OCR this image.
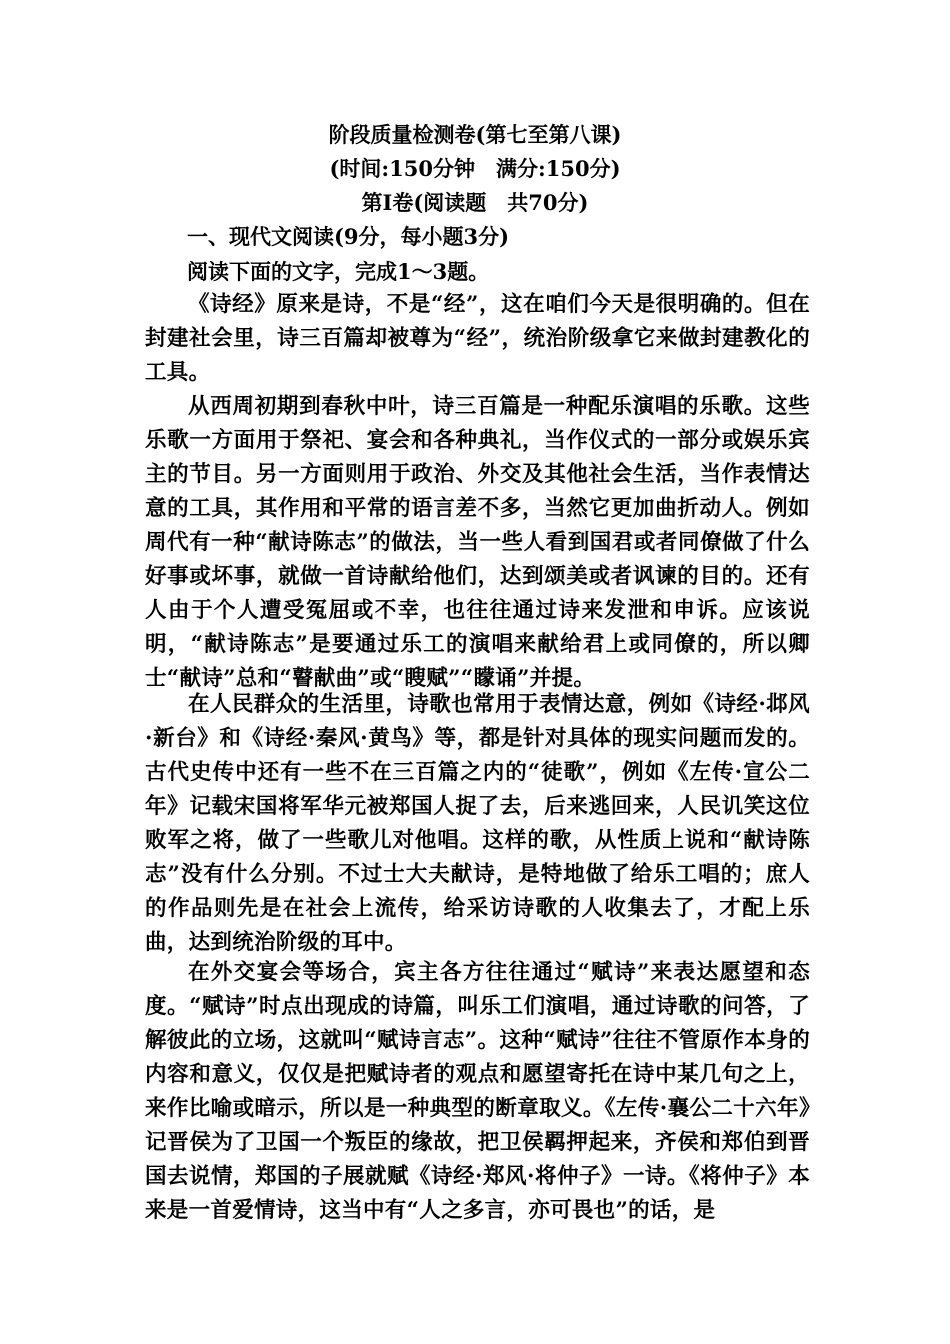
阶段质量检测卷(第七至第八课)
(时间:150分钟　满分:150分)
第Ⅰ卷(阅读题　共70分)
一、现代文阅读(9分，每小题3分)
阅读下面的文字，完成1～3题。

《诗经》原来是诗，不是“经”，这在咱们今天是很明确的。但在封建社会里，诗三百篇却被尊为“经”，统治阶级拿它来做封建教化的工具。

从西周初期到春秋中叶，诗三百篇是一种配乐演唱的乐歌。这些乐歌一方面用于祭祀、宴会和各种典礼，当作仪式的一部分或娱乐宾主的节目。另一方面则用于政治、外交及其他社会生活，当作表情达意的工具，其作用和平常的语言差不多，当然它更加曲折动人。例如周代有一种“献诗陈志”的做法，当一些人看到国君或者同僚做了什么好事或坏事，就做一首诗献给他们，达到颂美或者讽谏的目的。还有人由于个人遭受冤屈或不幸，也往往通过诗来发泄和申诉。应该说明，“献诗陈志”是要通过乐工的演唱来献给君上或同僚的，所以卿士“献诗”总和“瞽献曲”或“瞍赋”“矇诵”并提。

在人民群众的生活里，诗歌也常用于表情达意，例如《诗经·邶风·新台》和《诗经·秦风·黄鸟》等，都是针对具体的现实问题而发的。古代史传中还有一些不在三百篇之内的“徒歌”，例如《左传·宣公二年》记载宋国将军华元被郑国人捉了去，后来逃回来，人民讥笑这位败军之将，做了一些歌儿对他唱。这样的歌，从性质上说和“献诗陈志”没有什么分别。不过士大夫献诗，是特地做了给乐工唱的；庶人的作品则先是在社会上流传，给采访诗歌的人收集去了，才配上乐曲，达到统治阶级的耳中。

在外交宴会等场合，宾主各方往往通过“赋诗”来表达愿望和态度。“赋诗”时点出现成的诗篇，叫乐工们演唱，通过诗歌的问答，了解彼此的立场，这就叫“赋诗言志”。这种“赋诗”往往不管原作本身的内容和意义，仅仅是把赋诗者的观点和愿望寄托在诗中某几句之上，来作比喻或暗示，所以是一种典型的断章取义。《左传·襄公二十六年》记晋侯为了卫国一个叛臣的缘故，把卫侯羁押起来，齐侯和郑伯到晋国去说情，郑国的子展就赋《诗经·郑风·将仲子》一诗。《将仲子》本来是一首爱情诗，这当中有“人之多言，亦可畏也”的话，是
